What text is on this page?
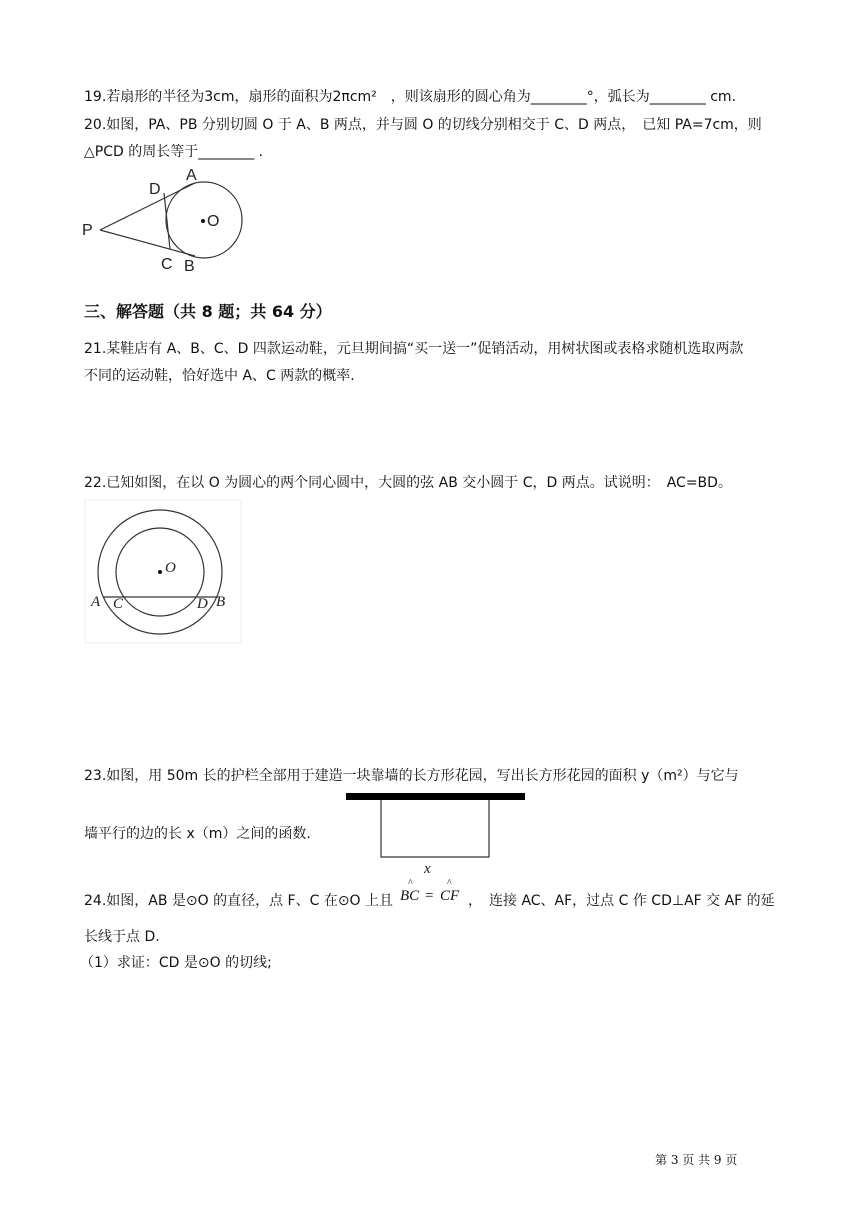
19.若扇形的半径为3cm，扇形的面积为2πcm²　，则该扇形的圆心角为________°，弧长为________ cm.
20.如图，PA、PB 分别切圆 O 于 A、B 两点，并与圆 O 的切线分别相交于 C、D 两点，　已知 PA=7cm，则
△PCD 的周长等于________ .
P
A
D
O
C B
三、解答题（共 8 题；共 64 分）
21.某鞋店有 A、B、C、D 四款运动鞋，元旦期间搞“买一送一”促销活动，用树状图或表格求随机选取两款
不同的运动鞋，恰好选中 A、C 两款的概率.
22.已知如图，在以 O 为圆心的两个同心圆中，大圆的弦 AB 交小圆于 C，D 两点。试说明：　AC=BD。
O
A C	D B
23.如图，用 50m 长的护栏全部用于建造一块靠墙的长方形花园，写出长方形花园的面积 y（m²）与它与
墙平行的边的长 x（m）之间的函数.
x
24.如图，AB 是⊙O 的直径，点 F、C 在⊙O 上且
^
BC =
^
CF ，　连接 AC、AF，过点 C 作 CD⊥AF 交 AF 的延
长线于点 D.
（1）求证：CD 是⊙O 的切线;
第 3 页 共 9 页
